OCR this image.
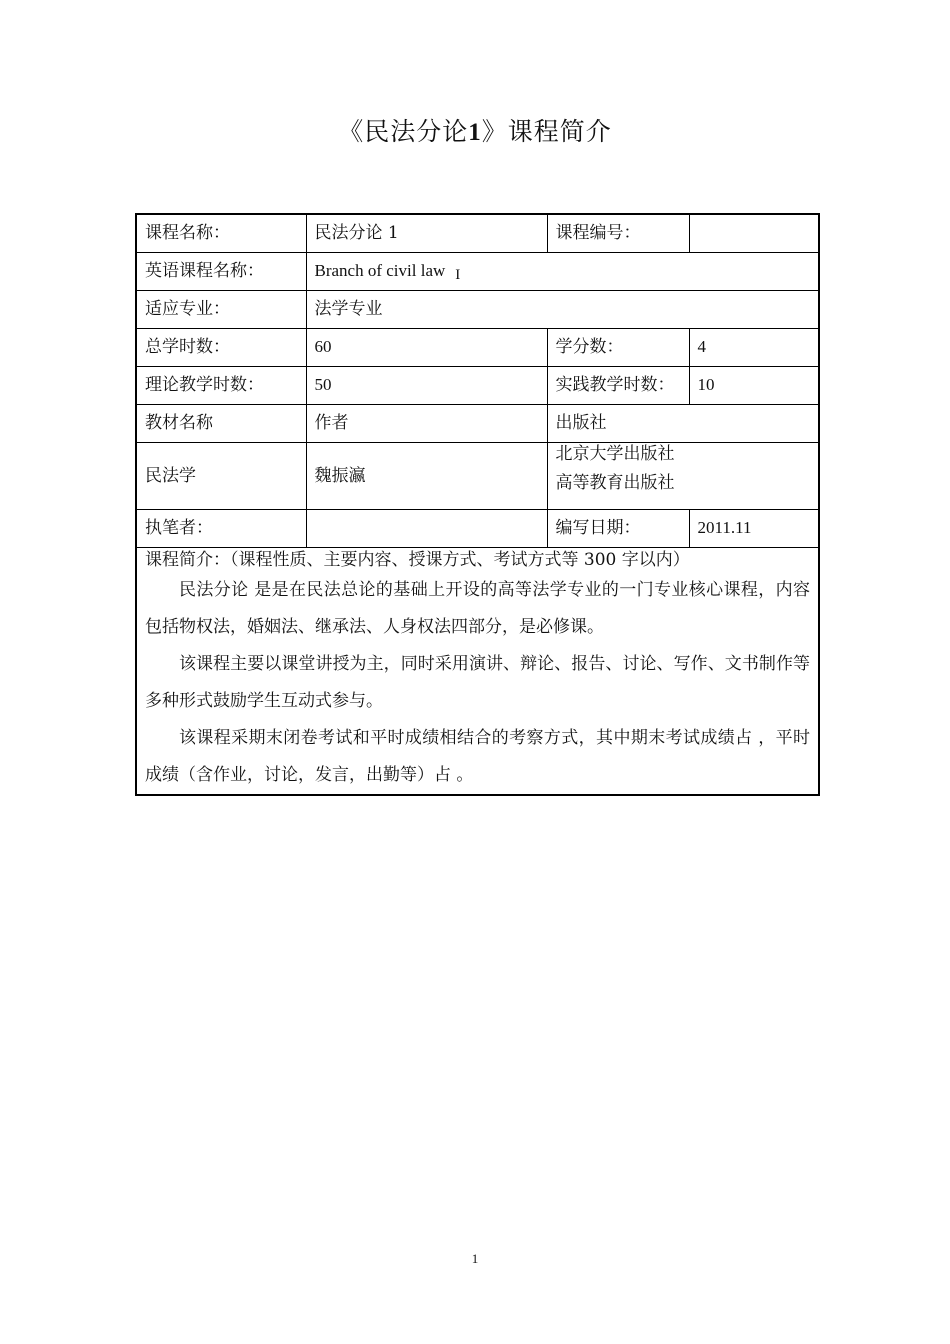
《民法分论1》课程简介
课程名称：	民法分论 1	课程编号：	
英语课程名称：	Branch of civil law I		
适应专业：	法学专业		
总学时数：	60	学分数：	4
理论教学时数：	50	实践教学时数：	10
教材名称	作者	出版社	
民法学	魏振瀛	北京大学出版社
高等教育出版社	

执笔者：		编写日期：	2011.11

课程简介：（课程性质、主要内容、授课方式、考试方式等 300 字以内）

民法分论 是是在民法总论的基础上开设的高等法学专业的一门专业核心课程，内容包括物权法，婚姻法、继承法、人身权法四部分，是必修课。

该课程主要以课堂讲授为主，同时采用演讲、辩论、报告、讨论、写作、文书制作等多种形式鼓励学生互动式参与。

该课程采期末闭卷考试和平时成绩相结合的考察方式，其中期末考试成绩占 ，平时成绩（含作业，讨论，发言，出勤等）占 。			

1
